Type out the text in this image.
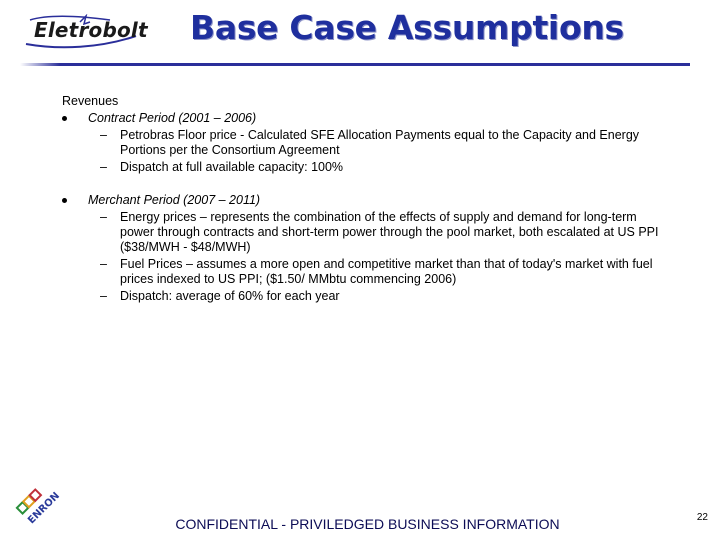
Eletrobolt Base Case Assumptions
Revenues
Contract Period (2001 – 2006)
– Petrobras Floor price - Calculated SFE Allocation Payments equal to the Capacity and Energy Portions per the Consortium Agreement
– Dispatch at full available capacity: 100%
Merchant Period (2007 – 2011)
– Energy prices – represents the combination of the effects of supply and demand for long-term power through contracts and short-term power through the pool market, both escalated at US PPI ($38/MWH - $48/MWH)
– Fuel Prices – assumes a more open and competitive market than that of today's market with fuel prices indexed to US PPI; ($1.50/ MMbtu commencing 2006)
– Dispatch: average of 60% for each year
ENRON	CONFIDENTIAL - PRIVILEDGED BUSINESS INFORMATION	22
